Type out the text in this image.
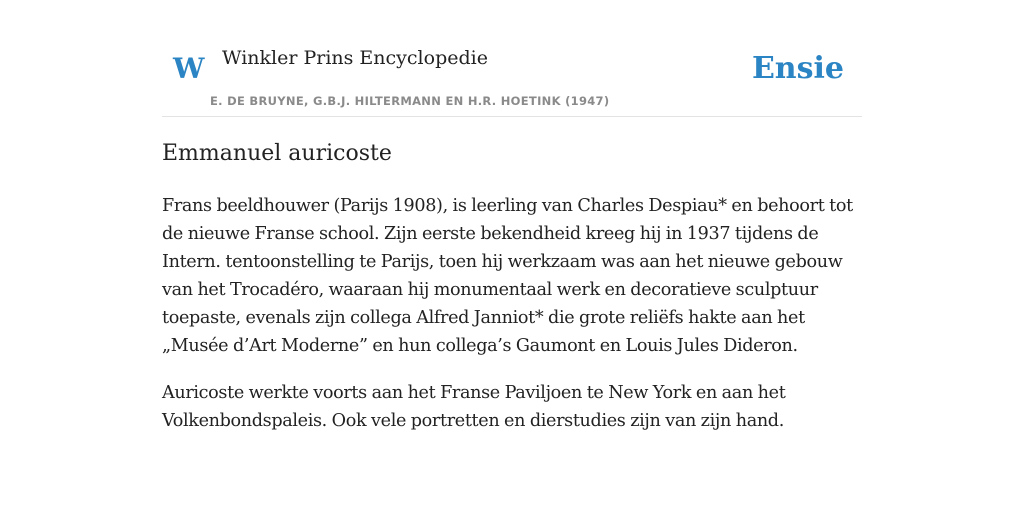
W Winkler Prins Encyclopedie
E. DE BRUYNE, G.B.J. HILTERMANN EN H.R. HOETINK (1947)
Ensie
Emmanuel auricoste

Frans beeldhouwer (Parijs 1908), is leerling van Charles Despiau* en behoort tot de nieuwe Franse school. Zijn eerste bekendheid kreeg hij in 1937 tijdens de Intern. tentoonstelling te Parijs, toen hij werkzaam was aan het nieuwe gebouw van het Trocadéro, waaraan hij monumentaal werk en decoratieve sculptuur toepaste, evenals zijn collega Alfred Janniot* die grote reliëfs hakte aan het „Musée d’Art Moderne” en hun collega’s Gaumont en Louis Jules Dideron.

Auricoste werkte voorts aan het Franse Paviljoen te New York en aan het Volkenbondspaleis. Ook vele portretten en dierstudies zijn van zijn hand.
